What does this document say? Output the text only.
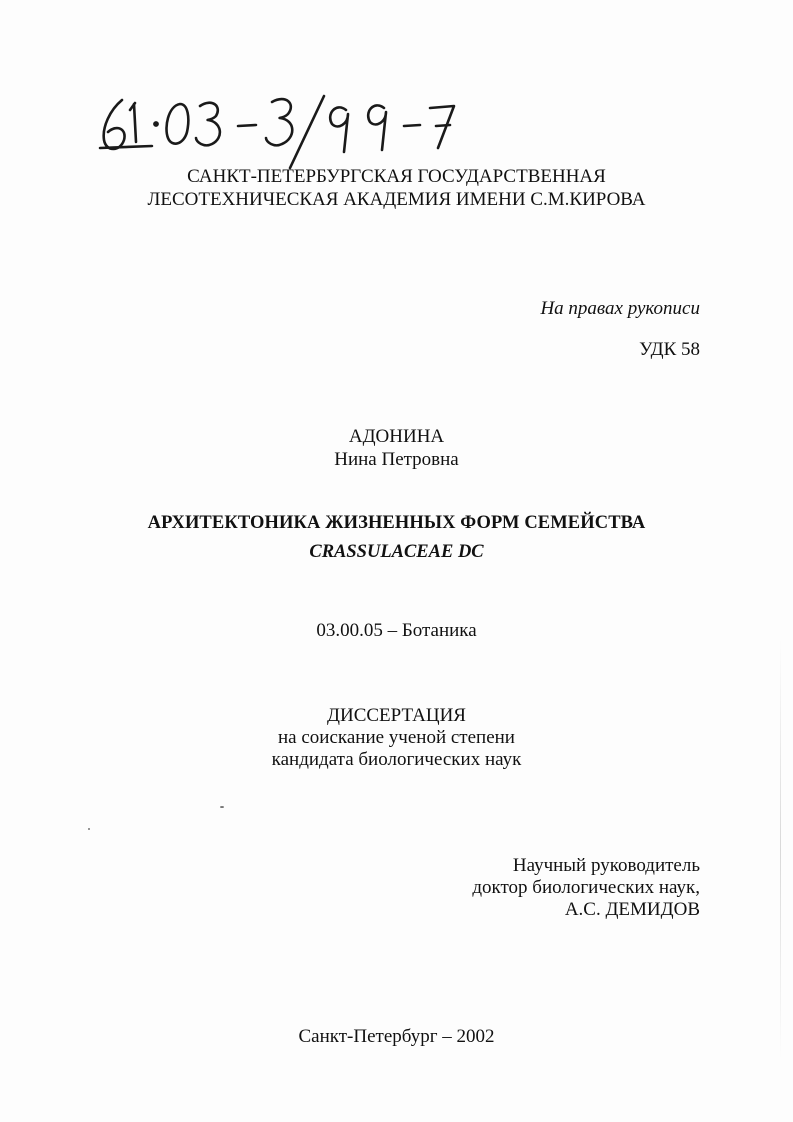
САНКТ-ПЕТЕРБУРГСКАЯ ГОСУДАРСТВЕННАЯ
ЛЕСОТЕХНИЧЕСКАЯ АКАДЕМИЯ ИМЕНИ С.М.КИРОВА
На правах рукописи
УДК 58
АДОНИНА
Нина Петровна
АРХИТЕКТОНИКА ЖИЗНЕННЫХ ФОРМ СЕМЕЙСТВА
CRASSULACEAE DC
03.00.05 – Ботаника
ДИССЕРТАЦИЯ
на соискание ученой степени
кандидата биологических наук
Научный руководитель
доктор биологических наук,
А.С. ДЕМИДОВ
Санкт-Петербург – 2002
